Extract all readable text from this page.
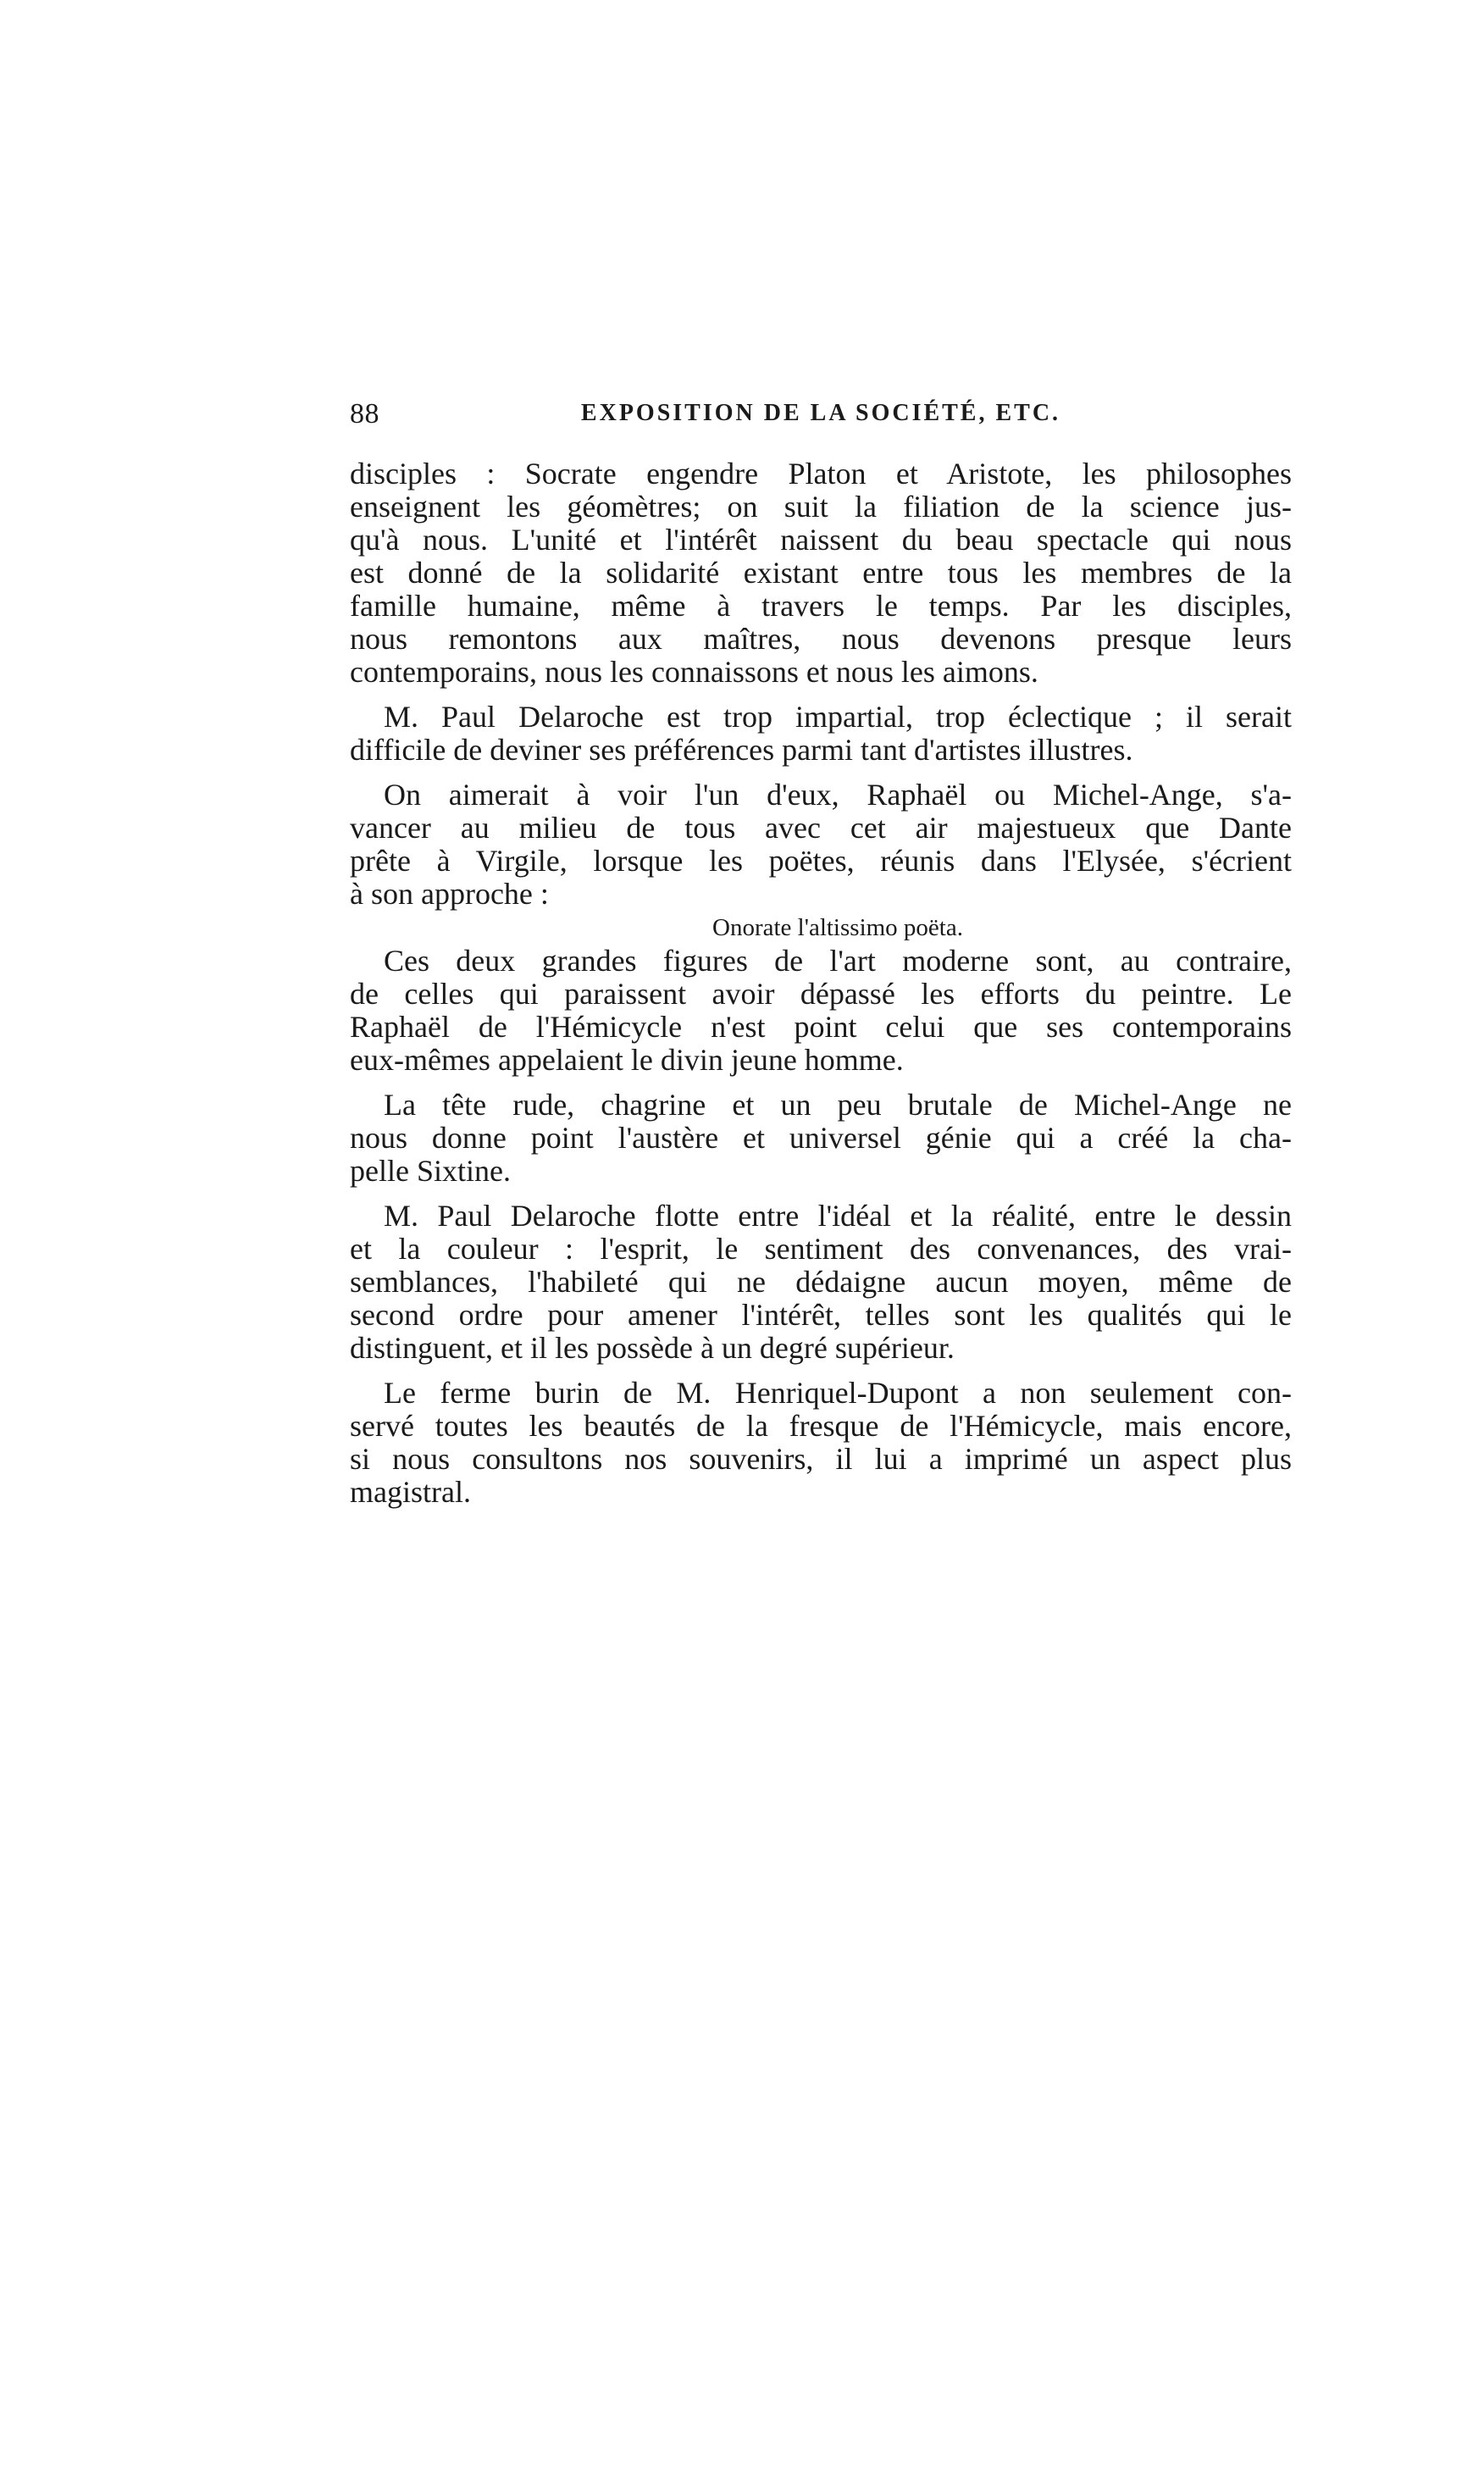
88	EXPOSITION DE LA SOCIÉTÉ, ETC.
disciples : Socrate engendre Platon et Aristote, les philosophes
enseignent les géomètres; on suit la filiation de la science jus-
qu'à nous. L'unité et l'intérêt naissent du beau spectacle qui nous
est donné de la solidarité existant entre tous les membres de la
famille humaine, même à travers le temps. Par les disciples,
nous remontons aux maîtres, nous devenons presque leurs
contemporains, nous les connaissons et nous les aimons.
M. Paul Delaroche est trop impartial, trop éclectique ; il serait
difficile de deviner ses préférences parmi tant d'artistes illustres.
On aimerait à voir l'un d'eux, Raphaël ou Michel-Ange, s'a-
vancer au milieu de tous avec cet air majestueux que Dante
prête à Virgile, lorsque les poëtes, réunis dans l'Elysée, s'écrient
à son approche :
Onorate l'altissimo poëta.
Ces deux grandes figures de l'art moderne sont, au contraire,
de celles qui paraissent avoir dépassé les efforts du peintre. Le
Raphaël de l'Hémicycle n'est point celui que ses contemporains
eux-mêmes appelaient le divin jeune homme.
La tête rude, chagrine et un peu brutale de Michel-Ange ne
nous donne point l'austère et universel génie qui a créé la cha-
pelle Sixtine.
M. Paul Delaroche flotte entre l'idéal et la réalité, entre le dessin
et la couleur : l'esprit, le sentiment des convenances, des vrai-
semblances, l'habileté qui ne dédaigne aucun moyen, même de
second ordre pour amener l'intérêt, telles sont les qualités qui le
distinguent, et il les possède à un degré supérieur.
Le ferme burin de M. Henriquel-Dupont a non seulement con-
servé toutes les beautés de la fresque de l'Hémicycle, mais encore,
si nous consultons nos souvenirs, il lui a imprimé un aspect plus
magistral.
